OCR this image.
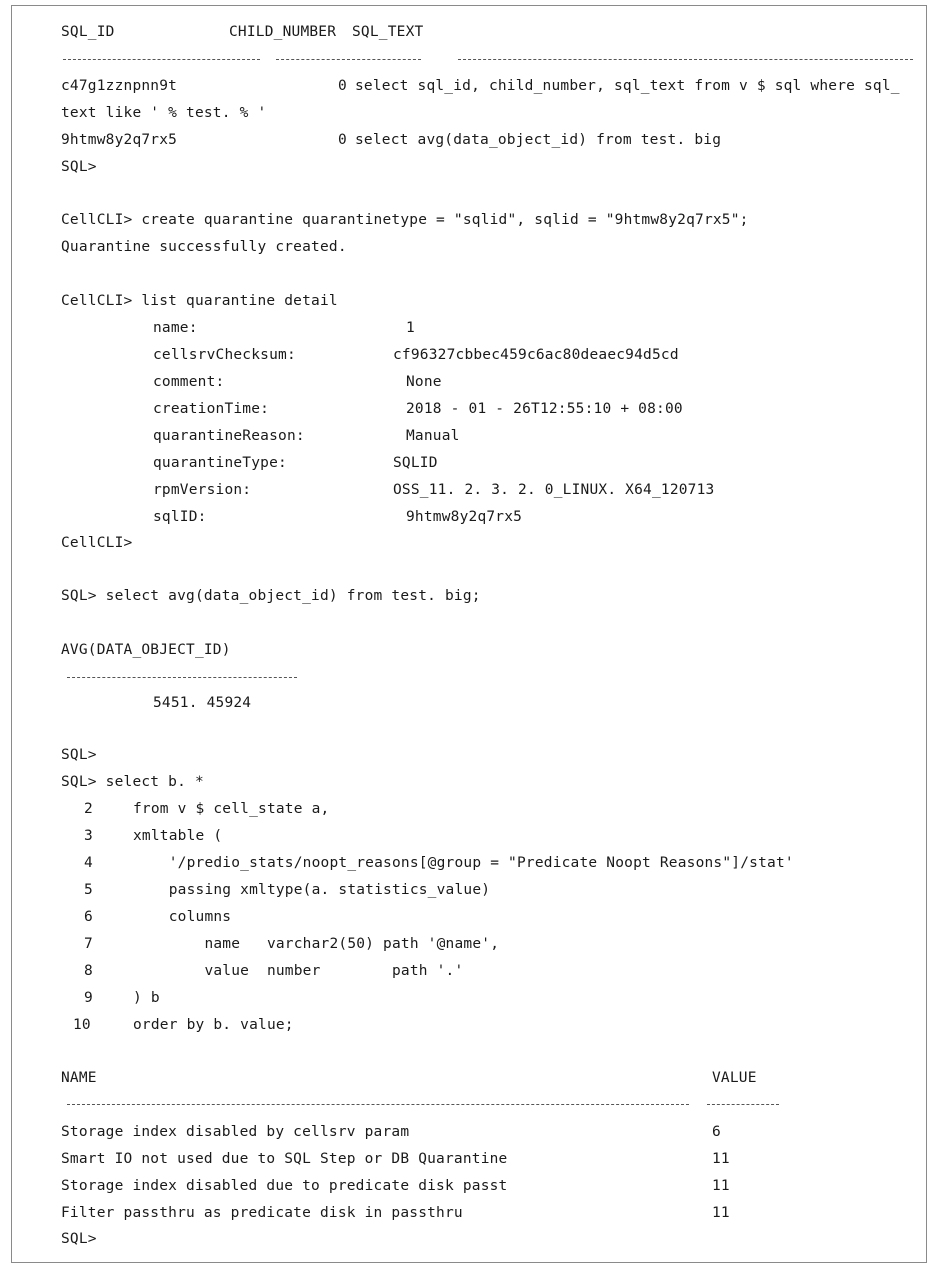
SQL_ID	CHILD_NUMBER SQL_TEXT
c47g1zznpnn9t	0 select sql_id, child_number, sql_text from v $ sql where sql_
text like ' % test. % '
9htmw8y2q7rx5	0 select avg(data_object_id) from test. big
SQL>
CellCLI> create quarantine quarantinetype = "sqlid", sqlid = "9htmw8y2q7rx5";
Quarantine successfully created.
CellCLI> list quarantine detail
name:	1
cellsrvChecksum:	cf96327cbbec459c6ac80deaec94d5cd
comment:	None
creationTime:	2018 - 01 - 26T12:55:10 + 08:00
quarantineReason:	Manual
quarantineType:	SQLID
rpmVersion:	OSS_11. 2. 3. 2. 0_LINUX. X64_120713
sqlID:	9htmw8y2q7rx5
CellCLI>
SQL> select avg(data_object_id) from test. big;
AVG(DATA_OBJECT_ID)
5451. 45924
SQL>
SQL> select b. *
2	from v $ cell_state a,
3	xmltable (
4	'/predio_stats/noopt_reasons[@group = "Predicate Noopt Reasons"]/stat'
5	passing xmltype(a. statistics_value)
6	columns
7	name   varchar2(50) path '@name',
8	value  number        path '.'
9	) b
10	order by b. value;
NAME	VALUE
Storage index disabled by cellsrv param	6
Smart IO not used due to SQL Step or DB Quarantine	11
Storage index disabled due to predicate disk passt	11
Filter passthru as predicate disk in passthru	11
SQL>
